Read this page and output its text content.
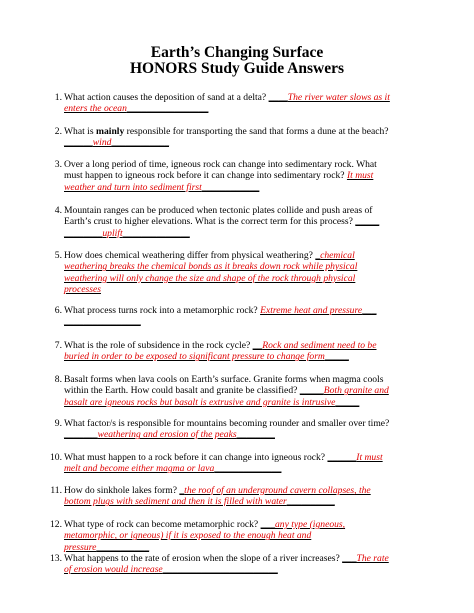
Earth’s Changing Surface
HONORS Study Guide Answers
1. What action causes the deposition of sand at a delta? ____The river water slows as it enters the ocean_________________
2. What is mainly responsible for transporting the sand that forms a dune at the beach? ______wind____________
3. Over a long period of time, igneous rock can change into sedimentary rock. What must happen to igneous rock before it can change into sedimentary rock? It must weather and turn into sediment first____________
4. Mountain ranges can be produced when tectonic plates collide and push areas of Earth’s crust to higher elevations. What is the correct term for this process? _____ ________uplift______________
5. How does chemical weathering differ from physical weathering? _chemical weathering breaks the chemical bonds as it breaks down rock while physical weathering will only change the size and shape of the rock through physical processes
6. What process turns rock into a metamorphic rock? Extreme heat and pressure___
________________
7. What is the role of subsidence in the rock cycle? __Rock and sediment need to be buried in order to be exposed to significant pressure to change form_____
8. Basalt forms when lava cools on Earth’s surface. Granite forms when magma cools within the Earth. How could basalt and granite be classified? _____Both granite and basalt are igneous rocks but basalt is extrusive and granite is intrusive_____
9. What factor/s is responsible for mountains becoming rounder and smaller over time? _______weathering and erosion of the peaks________
10. What must happen to a rock before it can change into igneous rock? ______It must melt and become either magma or lava______________
11. How do sinkhole lakes form? _the roof of an underground cavern collapses, the bottom plugs with sediment and then it is filled with water__________
12. What type of rock can become metamorphic rock? ___any type (igneous, metamorphic, or igneous) if it is exposed to the enough heat and pressure___________
13. What happens to the rate of erosion when the slope of a river increases? ___The rate of erosion would increase________________________
